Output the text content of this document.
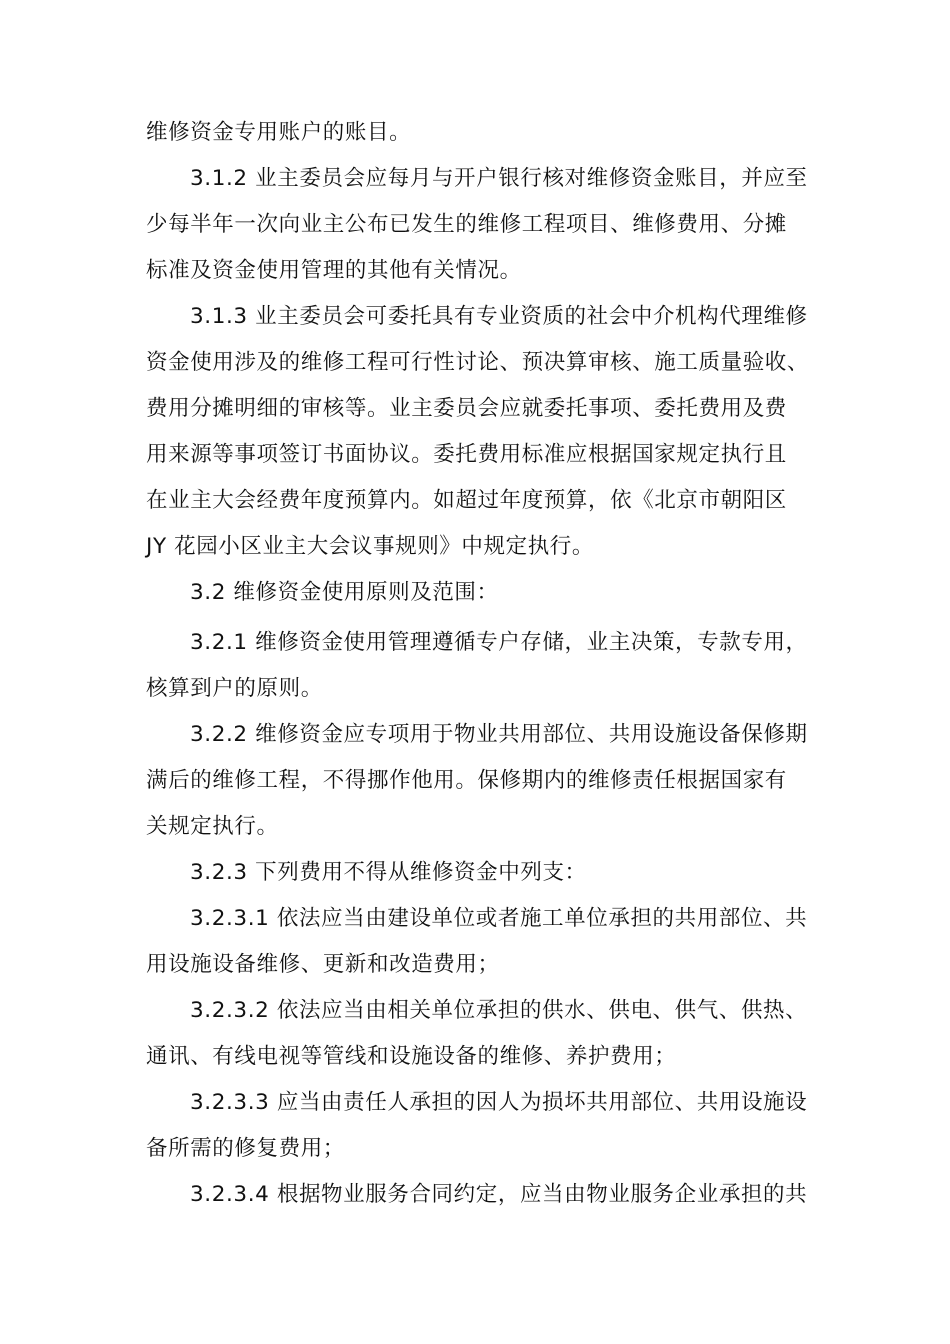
维修资金专用账户的账目。
3.1.2 业主委员会应每月与开户银行核对维修资金账目，并应至
少每半年一次向业主公布已发生的维修工程项目、维修费用、分摊
标准及资金使用管理的其他有关情况。
3.1.3 业主委员会可委托具有专业资质的社会中介机构代理维修
资金使用涉及的维修工程可行性讨论、预决算审核、施工质量验收、
费用分摊明细的审核等。业主委员会应就委托事项、委托费用及费
用来源等事项签订书面协议。委托费用标准应根据国家规定执行且
在业主大会经费年度预算内。如超过年度预算，依《北京市朝阳区
JY 花园小区业主大会议事规则》中规定执行。
3.2 维修资金使用原则及范围：
3.2.1 维修资金使用管理遵循专户存储，业主决策，专款专用，
核算到户的原则。
3.2.2 维修资金应专项用于物业共用部位、共用设施设备保修期
满后的维修工程，不得挪作他用。保修期内的维修责任根据国家有
关规定执行。
3.2.3 下列费用不得从维修资金中列支：
3.2.3.1 依法应当由建设单位或者施工单位承担的共用部位、共
用设施设备维修、更新和改造费用；
3.2.3.2 依法应当由相关单位承担的供水、供电、供气、供热、
通讯、有线电视等管线和设施设备的维修、养护费用；
3.2.3.3 应当由责任人承担的因人为损坏共用部位、共用设施设
备所需的修复费用；
3.2.3.4 根据物业服务合同约定，应当由物业服务企业承担的共
